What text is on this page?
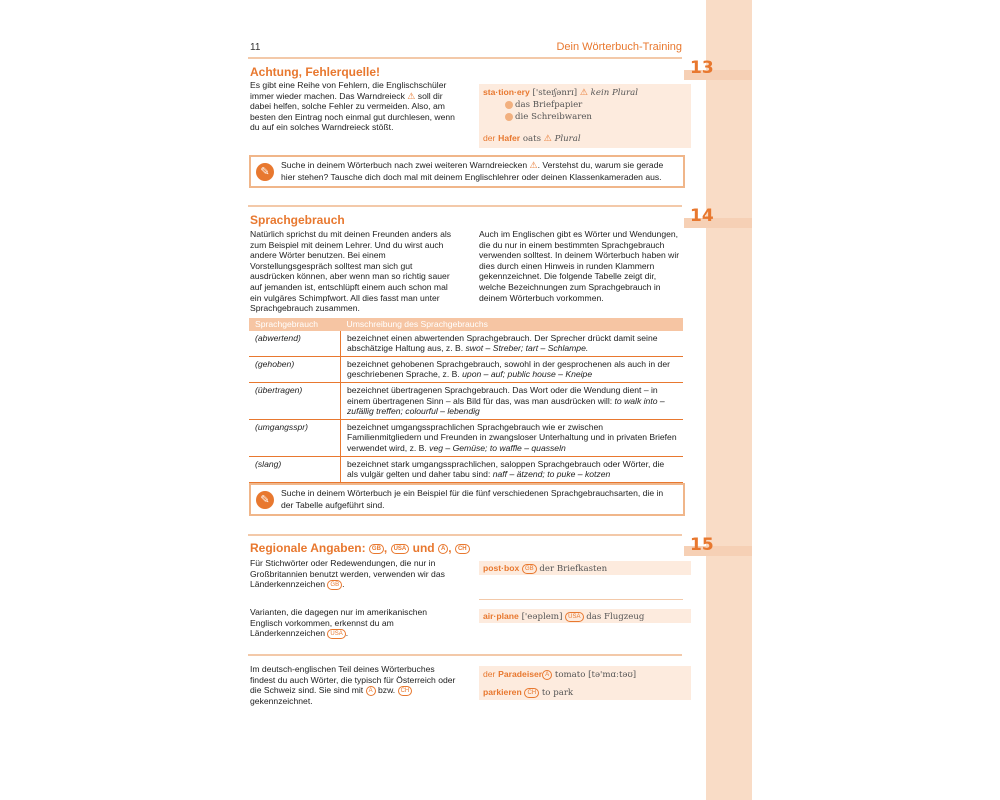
11	Dein Wörterbuch-Training
13
Achtung, Fehlerquelle!
Es gibt eine Reihe von Fehlern, die Englischschüler immer wieder machen. Das Warndreieck ⚠ soll dir dabei helfen, solche Fehler zu vermeiden. Also, am besten den Eintrag noch einmal gut durchlesen, wenn du auf ein solches Warndreieck stößt.
sta·tion·ery ['steɪʃənrɪ] ⚠ kein Plural
das Briefpapier
die Schreibwaren
der Hafer oats ⚠ Plural
✎
Suche in deinem Wörterbuch nach zwei weiteren Warndreiecken ⚠. Verstehst du, warum sie gerade hier stehen? Tausche dich doch mal mit deinem Englischlehrer oder deinen Klassenkameraden aus.
14
Sprachgebrauch
Natürlich sprichst du mit deinen Freunden anders als zum Beispiel mit deinem Lehrer. Und du wirst auch andere Wörter benutzen. Bei einem Vorstellungsgespräch solltest man sich gut ausdrücken können, aber wenn man so richtig sauer auf jemanden ist, entschlüpft einem auch schon mal ein vulgäres Schimpfwort. All dies fasst man unter Sprachgebrauch zusammen.
Auch im Englischen gibt es Wörter und Wendungen, die du nur in einem bestimmten Sprachgebrauch verwenden solltest. In deinem Wörterbuch haben wir dies durch einen Hinweis in runden Klammern gekennzeichnet. Die folgende Tabelle zeigt dir, welche Bezeichnungen zum Sprachgebrauch in deinem Wörterbuch vorkommen.
Sprachgebrauch	Umschreibung des Sprachgebrauchs
(abwertend)	bezeichnet einen abwertenden Sprachgebrauch. Der Sprecher drückt damit seine abschätzige Haltung aus, z. B. swot – Streber; tart – Schlampe.
(gehoben)	bezeichnet gehobenen Sprachgebrauch, sowohl in der gesprochenen als auch in der geschriebenen Sprache, z. B. upon – auf; public house – Kneipe
(übertragen)	bezeichnet übertragenen Sprachgebrauch. Das Wort oder die Wendung dient – in einem übertragenen Sinn – als Bild für das, was man ausdrücken will: to walk into – zufällig treffen; colourful – lebendig
(umgangsspr)	bezeichnet umgangssprachlichen Sprachgebrauch wie er zwischen Familienmitgliedern und Freunden in zwangsloser Unterhaltung und in privaten Briefen verwendet wird, z. B. veg – Gemüse; to waffle – quasseln
(slang)	bezeichnet stark umgangssprachlichen, saloppen Sprachgebrauch oder Wörter, die als vulgär gelten und daher tabu sind: naff – ätzend; to puke – kotzen
✎
Suche in deinem Wörterbuch je ein Beispiel für die fünf verschiedenen Sprachgebrauchsarten, die in der Tabelle aufgeführt sind.
15
Regionale Angaben: GB , USA und A , CH
Für Stichwörter oder Redewendungen, die nur in Großbritannien benutzt werden, verwenden wir das Länderkennzeichen GB .
post·box GB der Briefkasten
Varianten, die dagegen nur im amerikanischen Englisch vorkommen, erkennst du am Länderkennzeichen USA .
air·plane ['eəpleɪn] USA das Flugzeug
Im deutsch-englischen Teil deines Wörterbuches findest du auch Wörter, die typisch für Österreich oder die Schweiz sind. Sie sind mit A bzw. CH gekennzeichnet.
der Paradeiser A tomato [tə'mɑːtəʊ]
parkieren CH to park
